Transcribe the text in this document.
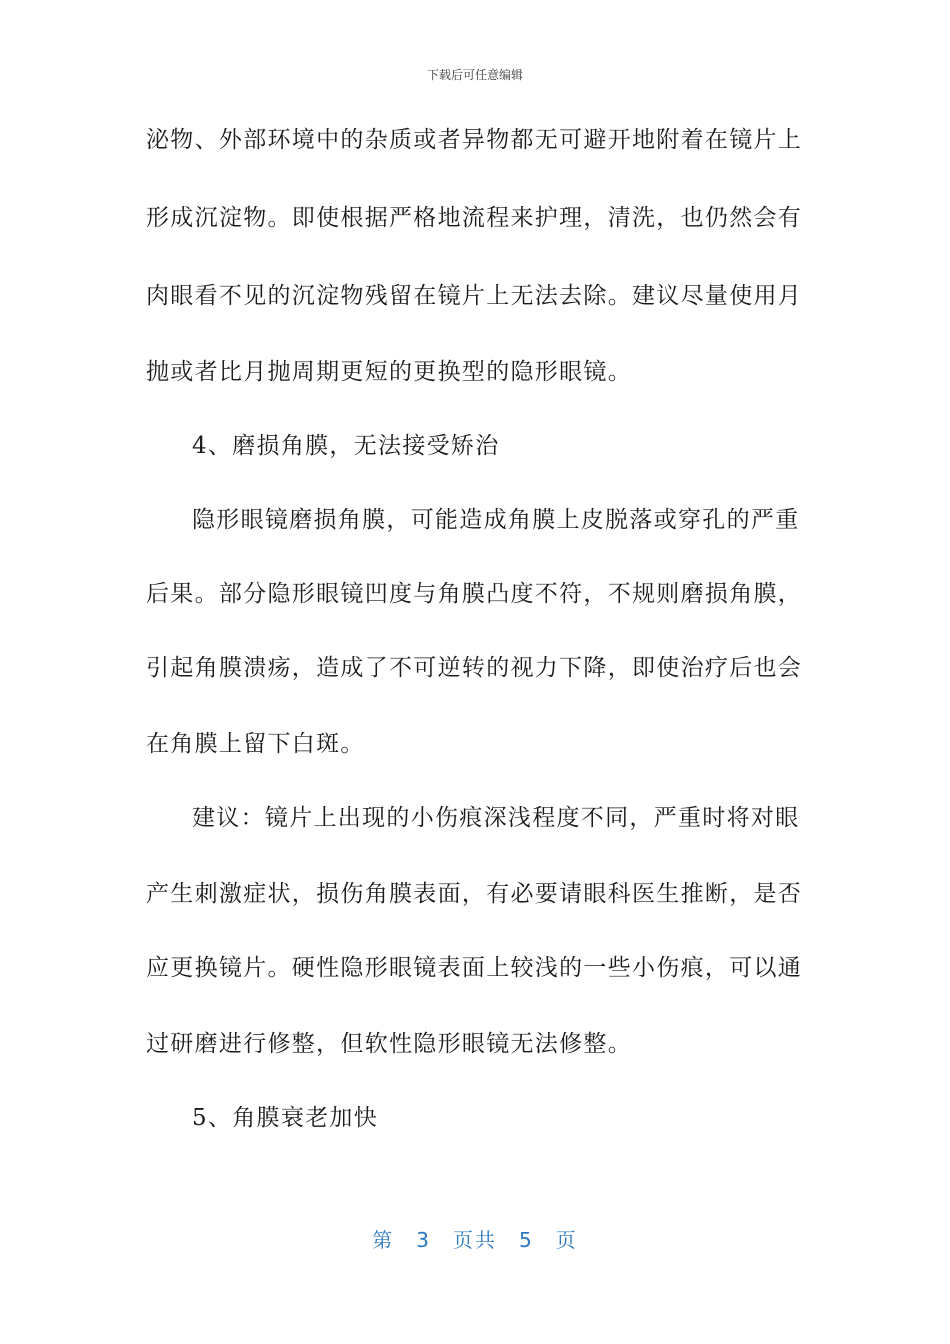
下载后可任意编辑
泌物、外部环境中的杂质或者异物都无可避开地附着在镜片上
形成沉淀物。即使根据严格地流程来护理，清洗，也仍然会有
肉眼看不见的沉淀物残留在镜片上无法去除。建议尽量使用月
抛或者比月抛周期更短的更换型的隐形眼镜。
4、磨损角膜，无法接受矫治
隐形眼镜磨损角膜，可能造成角膜上皮脱落或穿孔的严重
后果。部分隐形眼镜凹度与角膜凸度不符，不规则磨损角膜，
引起角膜溃疡，造成了不可逆转的视力下降，即使治疗后也会
在角膜上留下白斑。
建议：镜片上出现的小伤痕深浅程度不同，严重时将对眼
产生刺激症状，损伤角膜表面，有必要请眼科医生推断，是否
应更换镜片。硬性隐形眼镜表面上较浅的一些小伤痕，可以通
过研磨进行修整，但软性隐形眼镜无法修整。
5、角膜衰老加快
第 3 页共 5 页
